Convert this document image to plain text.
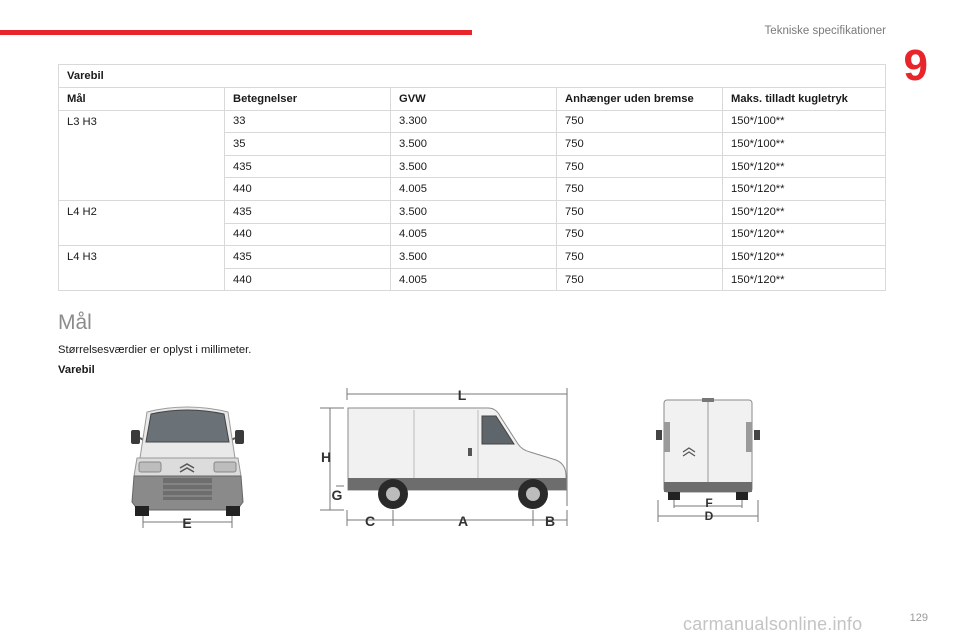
Tekniske specifikationer
9
Varebil				
Mål	Betegnelser	GVW	Anhænger uden bremse	Maks. tilladt kugletryk
L3 H3	33	3.300	750	150*/100**
	35	3.500	750	150*/100**
	435	3.500	750	150*/120**
	440	4.005	750	150*/120**
L4 H2	435	3.500	750	150*/120**
	440	4.005	750	150*/120**
L4 H3	435	3.500	750	150*/120**
	440	4.005	750	150*/120**
Mål
Størrelsesværdier er oplyst i millimeter.
Varebil
E
L
H
G
C	A	B
F
D
carmanualsonline.info	129
